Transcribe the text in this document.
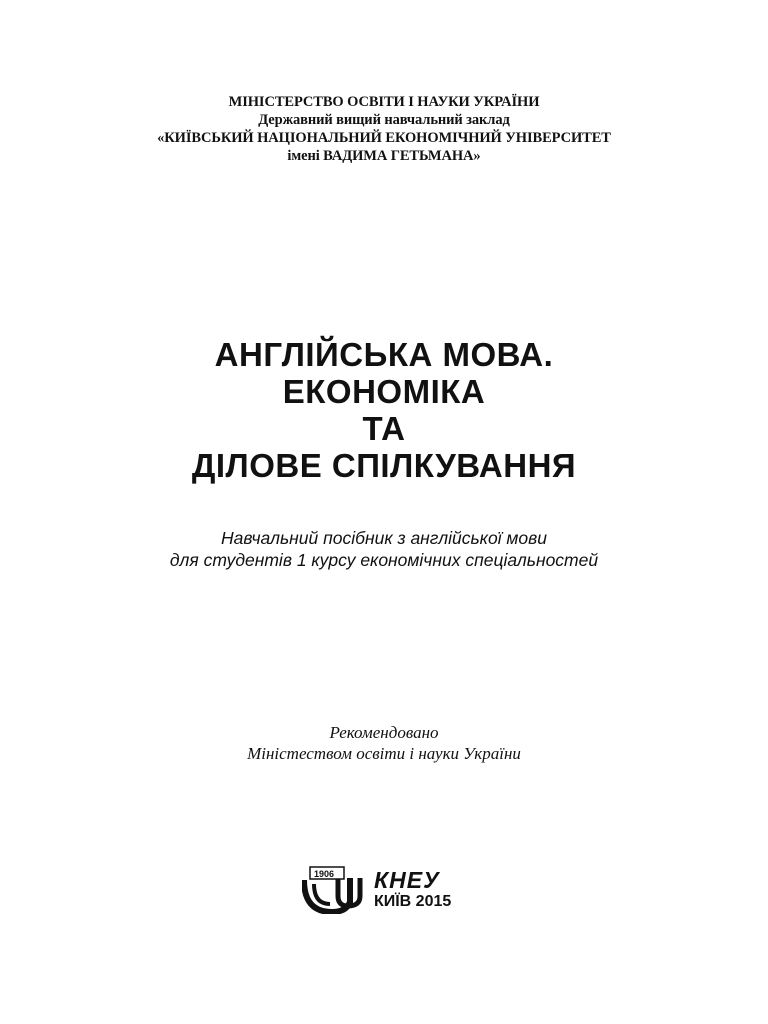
МІНІСТЕРСТВО ОСВІТИ І НАУКИ УКРАЇНИ
Державний вищий навчальний заклад
«КИЇВСЬКИЙ НАЦІОНАЛЬНИЙ ЕКОНОМІЧНИЙ УНІВЕРСИТЕТ
імені ВАДИМА ГЕТЬМАНА»
АНГЛІЙСЬКА МОВА.
ЕКОНОМІКА
ТА
ДІЛОВЕ СПІЛКУВАННЯ
Навчальний посібник з англійської мови
для студентів 1 курсу економічних спеціальностей
Рекомендовано
Міністеством освіти і науки України
1906 КНЕУ
КИЇВ 2015
